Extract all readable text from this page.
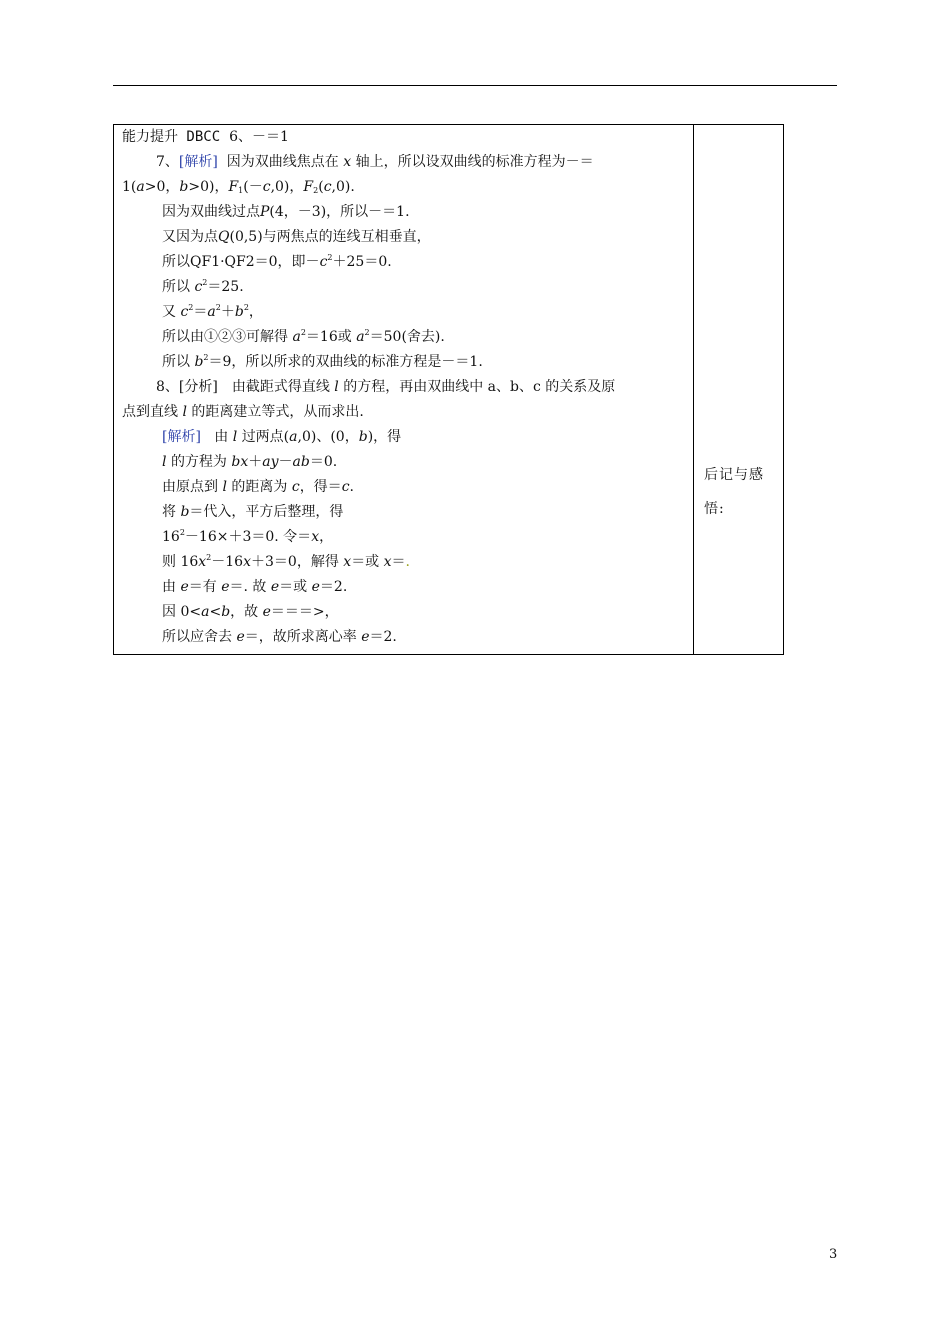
能力提升 DBCC 6、－＝1
7、[解析] 因为双曲线焦点在 x 轴上，所以设双曲线的标准方程为－＝
1(a>0，b>0)，$F_1(-c,0)$，$F_2(c,0)$.
因为双曲线过点P(4，－3)，所以－＝1.
又因为点Q(0,5)与两焦点的连线互相垂直，
所以QF1·QF2＝0，即$-c^2+25=0$.
所以 $c^2=25$.
又 $c^2=a^2+b^2$，
所以由①②③可解得 $a^2=16$或 $a^2=50$(舍去).
所以 $b^2=9$，所以所求的双曲线的标准方程是－＝1.
8、[分析]　由截距式得直线 l 的方程，再由双曲线中 a、b、c 的关系及原
点到直线 l 的距离建立等式，从而求出.
[解析] 由 l 过两点(a,0)、(0，b)，得
l 的方程为 bx＋ay－ab＝0.
由原点到 l 的距离为 c，得＝c.
将 b＝代入，平方后整理，得
$16^2-16\times+3=0$. 令＝x，
则 $16x^2-16x+3=0$，解得 x＝或 x＝.
由 e＝有 e＝. 故 e＝或 e＝2.
因 0<a<b，故 e＝＝＝>，
所以应舍去 e＝，故所求离心率 e＝2.
后记与感
悟:
3
